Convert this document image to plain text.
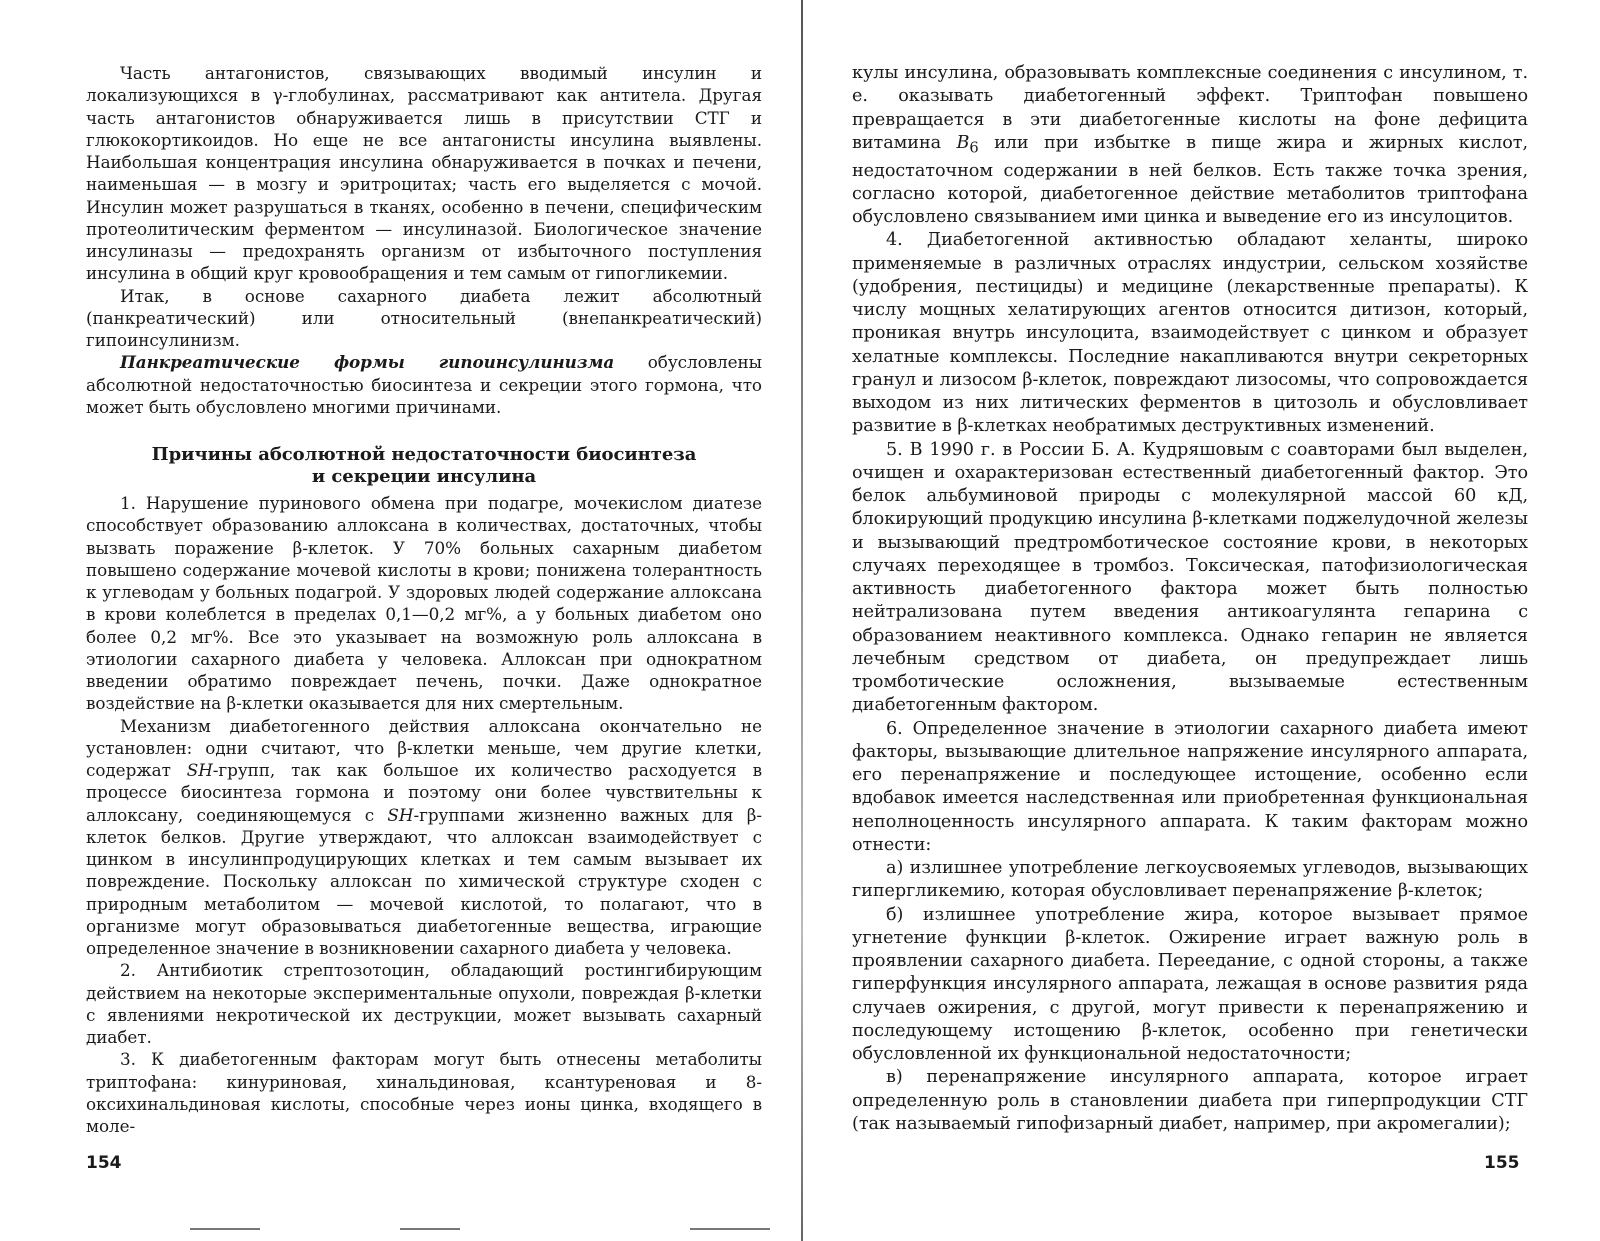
Часть антагонистов, связывающих вводимый инсулин и локализующихся в γ-глобулинах, рассматривают как антитела. Другая часть антагонистов обнаруживается лишь в присутствии СТГ и глюкокортикоидов. Но еще не все антагонисты инсулина выявлены. Наибольшая концентрация инсулина обнаруживается в почках и печени, наименьшая — в мозгу и эритроцитах; часть его выделяется с мочой. Инсулин может разрушаться в тканях, особенно в печени, специфическим протеолитическим ферментом — инсулиназой. Биологическое значение инсулиназы — предохранять организм от избыточного поступления инсулина в общий круг кровообращения и тем самым от гипогликемии.

Итак, в основе сахарного диабета лежит абсолютный (панкреатический) или относительный (внепанкреатический) гипоинсулинизм.

Панкреатические формы гипоинсулинизма обусловлены абсолютной недостаточностью биосинтеза и секреции этого гормона, что может быть обусловлено многими причинами.

Причины абсолютной недостаточности биосинтеза
и секреции инсулина

1. Нарушение пуринового обмена при подагре, мочекислом диатезе способствует образованию аллоксана в количествах, достаточных, чтобы вызвать поражение β-клеток. У 70% больных сахарным диабетом повышено содержание мочевой кислоты в крови; понижена толерантность к углеводам у больных подагрой. У здоровых людей содержание аллоксана в крови колеблется в пределах 0,1—0,2 мг%, а у больных диабетом оно более 0,2 мг%. Все это указывает на возможную роль аллоксана в этиологии сахарного диабета у человека. Аллоксан при однократном введении обратимо повреждает печень, почки. Даже однократное воздействие на β-клетки оказывается для них смертельным.

Механизм диабетогенного действия аллоксана окончательно не установлен: одни считают, что β-клетки меньше, чем другие клетки, содержат SH-групп, так как большое их количество расходуется в процессе биосинтеза гормона и поэтому они более чувствительны к аллоксану, соединяющемуся с SH-группами жизненно важных для β-клеток белков. Другие утверждают, что аллоксан взаимодействует с цинком в инсулинпродуцирующих клетках и тем самым вызывает их повреждение. Поскольку аллоксан по химической структуре сходен с природным метаболитом — мочевой кислотой, то полагают, что в организме могут образовываться диабетогенные вещества, играющие определенное значение в возникновении сахарного диабета у человека.

2. Антибиотик стрептозотоцин, обладающий ростингибирующим действием на некоторые экспериментальные опухоли, повреждая β-клетки с явлениями некротической их деструкции, может вызывать сахарный диабет.

3. К диабетогенным факторам могут быть отнесены метаболиты триптофана: кинуриновая, хинальдиновая, ксантуреновая и 8-оксихинальдиновая кислоты, способные через ионы цинка, входящего в моле-

кулы инсулина, образовывать комплексные соединения с инсулином, т. е. оказывать диабетогенный эффект. Триптофан повышено превращается в эти диабетогенные кислоты на фоне дефицита витамина $B_6$ или при избытке в пище жира и жирных кислот, недостаточном содержании в ней белков. Есть также точка зрения, согласно которой, диабетогенное действие метаболитов триптофана обусловлено связыванием ими цинка и выведение его из инсулоцитов.

4. Диабетогенной активностью обладают хеланты, широко применяемые в различных отраслях индустрии, сельском хозяйстве (удобрения, пестициды) и медицине (лекарственные препараты). К числу мощных хелатирующих агентов относится дитизон, который, проникая внутрь инсулоцита, взаимодействует с цинком и образует хелатные комплексы. Последние накапливаются внутри секреторных гранул и лизосом β-клеток, повреждают лизосомы, что сопровождается выходом из них литических ферментов в цитозоль и обусловливает развитие в β-клетках необратимых деструктивных изменений.

5. В 1990 г. в России Б. А. Кудряшовым с соавторами был выделен, очищен и охарактеризован естественный диабетогенный фактор. Это белок альбуминовой природы с молекулярной массой 60 кД, блокирующий продукцию инсулина β-клетками поджелудочной железы и вызывающий предтромботическое состояние крови, в некоторых случаях переходящее в тромбоз. Токсическая, патофизиологическая активность диабетогенного фактора может быть полностью нейтрализована путем введения антикоагулянта гепарина с образованием неактивного комплекса. Однако гепарин не является лечебным средством от диабета, он предупреждает лишь тромботические осложнения, вызываемые естественным диабетогенным фактором.

6. Определенное значение в этиологии сахарного диабета имеют факторы, вызывающие длительное напряжение инсулярного аппарата, его перенапряжение и последующее истощение, особенно если вдобавок имеется наследственная или приобретенная функциональная неполноценность инсулярного аппарата. К таким факторам можно отнести:

а) излишнее употребление легкоусвояемых углеводов, вызывающих гипергликемию, которая обусловливает перенапряжение β-клеток;

б) излишнее употребление жира, которое вызывает прямое угнетение функции β-клеток. Ожирение играет важную роль в проявлении сахарного диабета. Переедание, с одной стороны, а также гиперфункция инсулярного аппарата, лежащая в основе развития ряда случаев ожирения, с другой, могут привести к перенапряжению и последующему истощению β-клеток, особенно при генетически обусловленной их функциональной недостаточности;

в) перенапряжение инсулярного аппарата, которое играет определенную роль в становлении диабета при гиперпродукции СТГ (так называемый гипофизарный диабет, например, при акромегалии);

154	155
